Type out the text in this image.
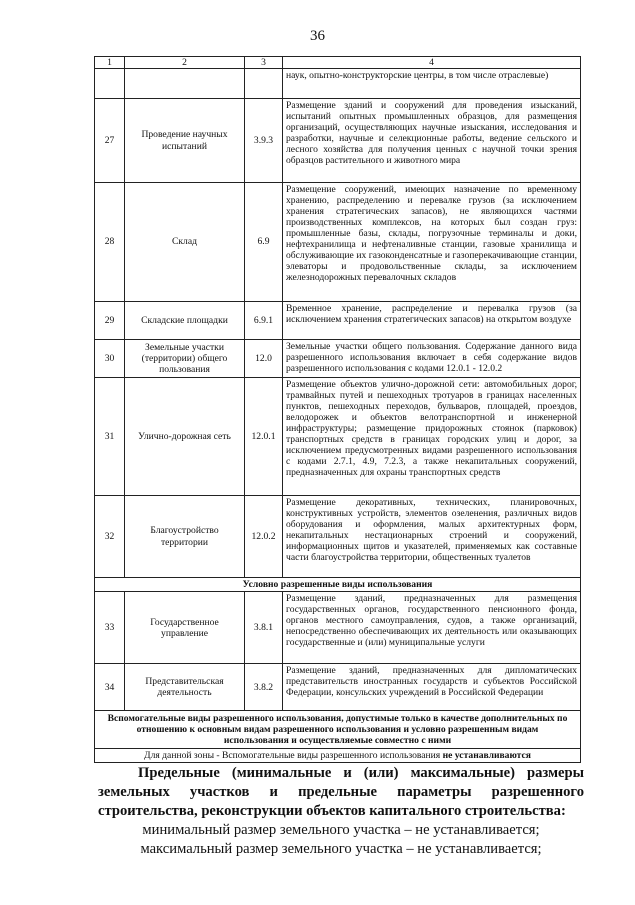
36
1	2	3	4
			наук, опытно-конструкторские центры, в том числе отраслевые)
27	Проведение научных испытаний	3.9.3	Размещение зданий и сооружений для проведения изысканий, испытаний опытных промышленных образцов, для размещения организаций, осуществляющих научные изыскания, исследования и разработки, научные и селекционные работы, ведение сельского и лесного хозяйства для получения ценных с научной точки зрения образцов растительного и животного мира
28	Склад	6.9	Размещение сооружений, имеющих назначение по временному хранению, распределению и перевалке грузов (за исключением хранения стратегических запасов), не являющихся частями производственных комплексов, на которых был создан груз: промышленные базы, склады, погрузочные терминалы и доки, нефтехранилища и нефтеналивные станции, газовые хранилища и обслуживающие их газоконденсатные и газоперекачивающие станции, элеваторы и продовольственные склады, за исключением железнодорожных перевалочных складов
29	Складские площадки	6.9.1	Временное хранение, распределение и перевалка грузов (за исключением хранения стратегических запасов) на открытом воздухе
30	Земельные участки (территории) общего пользования	12.0	Земельные участки общего пользования. Содержание данного вида разрешенного использования включает в себя содержание видов разрешенного использования с кодами 12.0.1 - 12.0.2
31	Улично-дорожная сеть	12.0.1	Размещение объектов улично-дорожной сети: автомобильных дорог, трамвайных путей и пешеходных тротуаров в границах населенных пунктов, пешеходных переходов, бульваров, площадей, проездов, велодорожек и объектов велотранспортной и инженерной инфраструктуры; размещение придорожных стоянок (парковок) транспортных средств в границах городских улиц и дорог, за исключением предусмотренных видами разрешенного использования с кодами 2.7.1, 4.9, 7.2.3, а также некапитальных сооружений, предназначенных для охраны транспортных средств
32	Благоустройство территории	12.0.2	Размещение декоративных, технических, планировочных, конструктивных устройств, элементов озеленения, различных видов оборудования и оформления, малых архитектурных форм, некапитальных нестационарных строений и сооружений, информационных щитов и указателей, применяемых как составные части благоустройства территории, общественных туалетов
Условно разрешенные виды использования			
33	Государственное управление	3.8.1	Размещение зданий, предназначенных для размещения государственных органов, государственного пенсионного фонда, органов местного самоуправления, судов, а также организаций, непосредственно обеспечивающих их деятельность или оказывающих государственные и (или) муниципальные услуги
34	Представительская деятельность	3.8.2	Размещение зданий, предназначенных для дипломатических представительств иностранных государств и субъектов Российской Федерации, консульских учреждений в Российской Федерации
Вспомогательные виды разрешенного использования, допустимые только в качестве дополнительных по отношению к основным видам разрешенного использования и условно разрешенным видам использования и осуществляемые совместно с ними			
Для данной зоны - Вспомогательные виды разрешенного использования не устанавливаются			

Предельные (минимальные и (или) максимальные) размеры земельных участков и предельные параметры разрешенного строительства, реконструкции объектов капитального строительства:

минимальный размер земельного участка – не устанавливается;

максимальный размер земельного участка – не устанавливается;
